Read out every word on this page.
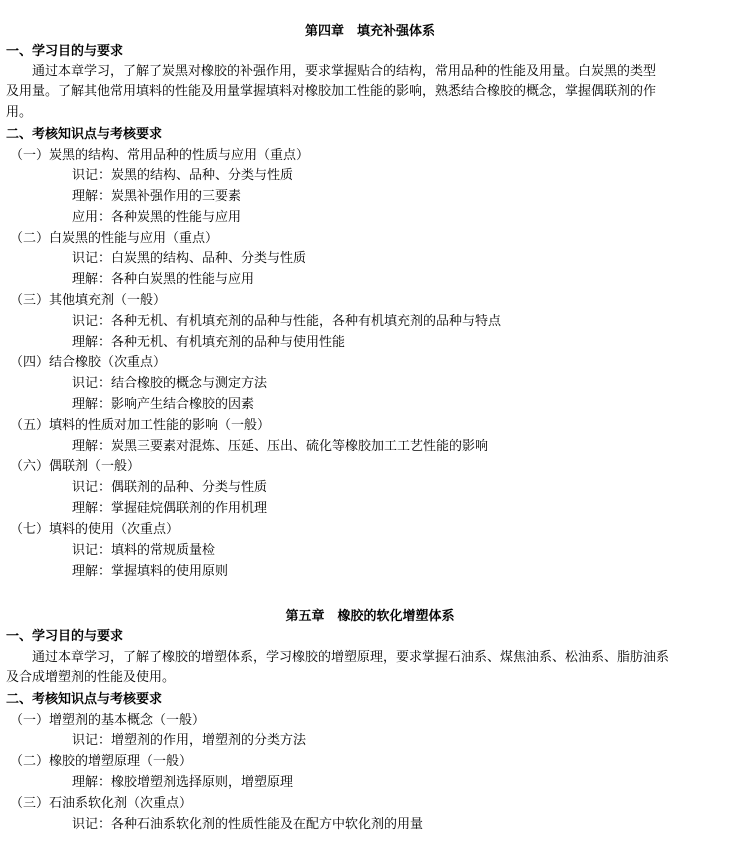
第四章　填充补强体系
一、学习目的与要求
　　通过本章学习，了解了炭黑对橡胶的补强作用，要求掌握贴合的结构，常用品种的性能及用量。白炭黑的类型
及用量。了解其他常用填料的性能及用量掌握填料对橡胶加工性能的影响，熟悉结合橡胶的概念，掌握偶联剂的作
用。
二、考核知识点与考核要求
（一）炭黑的结构、常用品种的性质与应用（重点）
识记：炭黑的结构、品种、分类与性质
理解：炭黑补强作用的三要素
应用：各种炭黑的性能与应用
（二）白炭黑的性能与应用（重点）
识记：白炭黑的结构、品种、分类与性质
理解：各种白炭黑的性能与应用
（三）其他填充剂（一般）
识记：各种无机、有机填充剂的品种与性能，各种有机填充剂的品种与特点
理解：各种无机、有机填充剂的品种与使用性能
（四）结合橡胶（次重点）
识记：结合橡胶的概念与测定方法
理解：影响产生结合橡胶的因素
（五）填料的性质对加工性能的影响（一般）
理解：炭黑三要素对混炼、压延、压出、硫化等橡胶加工工艺性能的影响
（六）偶联剂（一般）
识记：偶联剂的品种、分类与性质
理解：掌握硅烷偶联剂的作用机理
（七）填料的使用（次重点）
识记：填料的常规质量检
理解：掌握填料的使用原则
第五章　橡胶的软化增塑体系
一、学习目的与要求
　　通过本章学习，了解了橡胶的增塑体系，学习橡胶的增塑原理，要求掌握石油系、煤焦油系、松油系、脂肪油系
及合成增塑剂的性能及使用。
二、考核知识点与考核要求
（一）增塑剂的基本概念（一般）
识记：增塑剂的作用，增塑剂的分类方法
（二）橡胶的增塑原理（一般）
理解：橡胶增塑剂选择原则，增塑原理
（三）石油系软化剂（次重点）
识记：各种石油系软化剂的性质性能及在配方中软化剂的用量
